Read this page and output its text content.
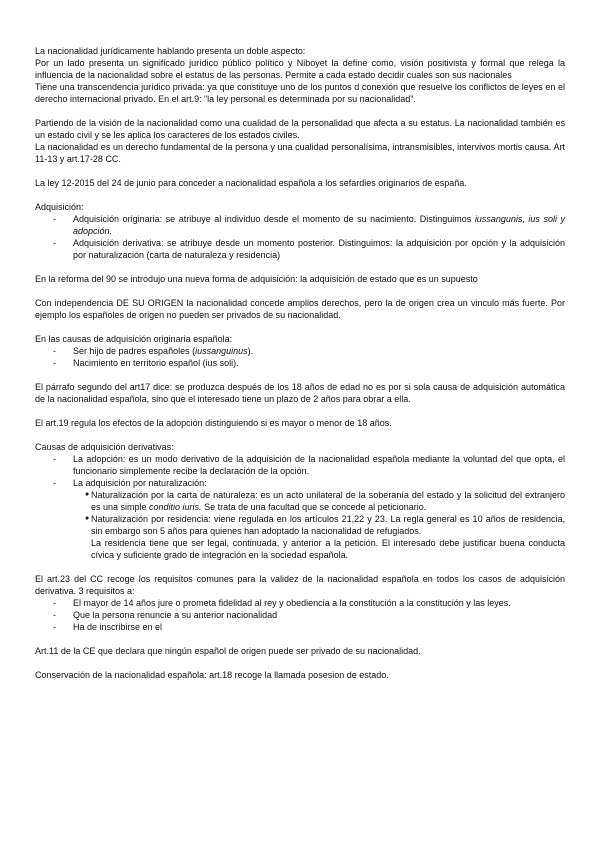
La nacionalidad jurídicamente hablando presenta un doble aspecto:

Por un lado presenta un significado jurídico público político y Niboyet la define como, visión positivista y formal que relega la influencia de la nacionalidad sobre el estatus de las personas. Permite a cada estado decidir cuales son sus nacionales

Tiene una transcendencia jurídico privada: ya que constituye uno de los puntos d conexión que resuelve los conflictos de leyes en el derecho internacional privado. En el art.9: “la ley personal es determinada por su nacionalidad”.

Partiendo de la visión de la nacionalidad como una cualidad de la personalidad que afecta a su estatus. La nacionalidad también es un estado civil y se les aplica los caracteres de los estados civiles.

La nacionalidad es un derecho fundamental de la persona y una cualidad personalísima, intransmisibles, intervivos mortis causa. Art 11-13 y art.17-28 CC.

La ley 12-2015 del 24 de junio para conceder a nacionalidad española a los sefardies originarios de españa.

Adquisición:

-	Adquisición originaria: se atribuye al individuo desde el momento de su nacimiento. Distinguimos iussangunis, ius soli y adopción.
-	Adquisición derivativa: se atribuye desde un momento posterior. Distinguimos: la adquisición por opción y la adquisición por naturalización (carta de naturaleza y residencia)

En la reforma del 90 se introdujo una nueva forma de adquisición: la adquisición de estado que es un supuesto

Con independencia DE SU ORIGEN la nacionalidad concede amplios derechos, pero la de origen crea un vinculo más fuerte. Por ejemplo los españoles de origen no pueden ser privados de su nacionalidad.

En las causas de adquisición originaria española:

-	Ser hijo de padres españoles (iussanguinus).
-	Nacimiento en territorio español (ius soli).

El párrafo segundo del art17 dice: se produzca después de los 18 años de edad no es por si sola causa de adquisición automática de la nacionalidad española, sino que el interesado tiene un plazo de 2 años para obrar a ella.

El art.19 regula los efectos de la adopción distinguiendo si es mayor o menor de 18 años.

Causas de adquisición derivativas:

-	La adopción: es un modo derivativo de la adquisición de la nacionalidad española mediante la voluntad del que opta, el funcionario simplemente recibe la declaración de la opción.
-	La adquisición por naturalización:
● Naturalización por la carta de naturaleza: es un acto unilateral de la soberanía del estado y la solicitud del extranjero es una simple conditio iuris. Se trata de una facultad que se concede al peticionario.
● Naturalización por residencia: viene regulada en los artículos 21,22 y 23. La regla general es 10 años de residencia, sin embargo son 5 años para quienes han adoptado la nacionalidad de refugiados.

La residencia tiene que ser legal, continuada, y anterior a la petición. El interesado debe justificar buena conducta cívica y suficiente grado de integración en la sociedad española.

El art.23 del CC recoge los requisitos comunes para la validez de la nacionalidad española en todos los casos de adquisición derivativa. 3 requisitos a:

-	El mayor de 14 años jure o prometa fidelidad al rey y obediencia a la constitución a la constitución y las leyes.
-	Que la persona renuncie a su anterior nacionalidad
-	Ha de inscribirse en el

Art.11 de la CE que declara que ningún español de origen puede ser privado de su nacionalidad.

Conservación de la nacionalidad española: art.18 recoge la llamada posesion de estado.
